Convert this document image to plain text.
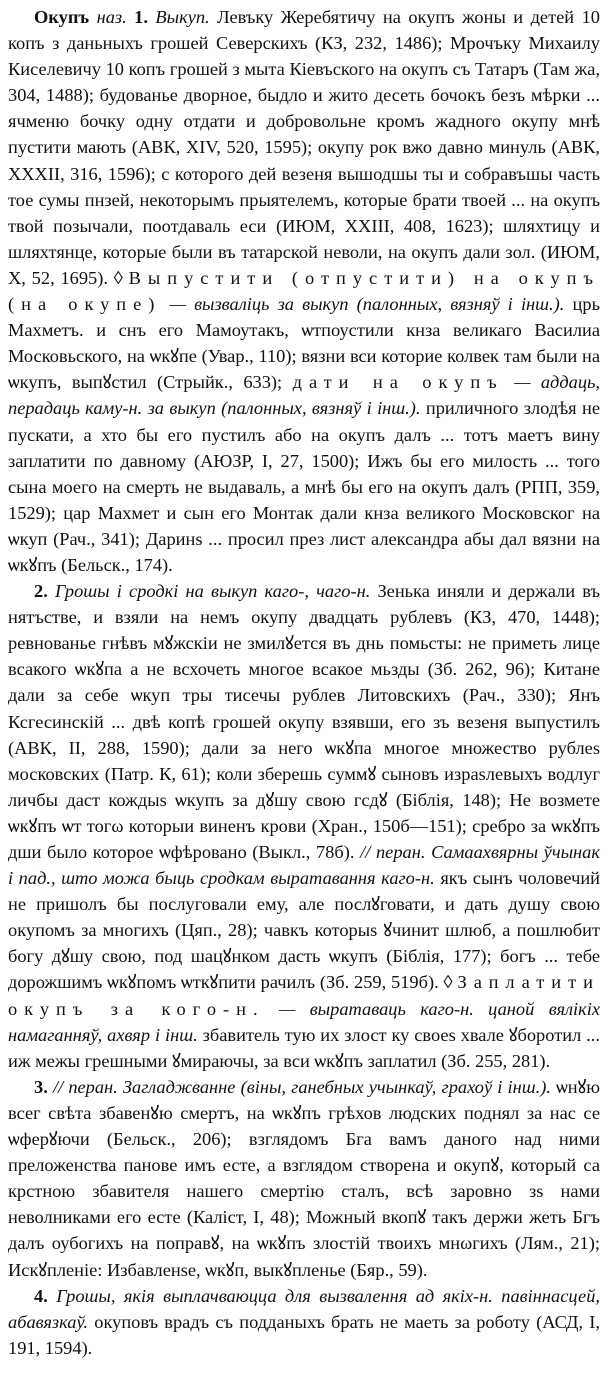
Окупъ наз. 1. Выкуп. Левъку Жеребятичу на окупъ жоны и детей 10 копъ з даньныхъ грошей Северскихъ (КЗ, 232, 1486); Мрочъку Михаилу Киселевичу 10 копъ грошей з мыта Кіевъского на окупъ съ Татаръ (Там жа, 304, 1488); будованье дворное, быдло и жито десеть бочокъ безъ мѣрки ... ячменю бочку одну отдати и добровольне кромъ жадного окупу мнѣ пустити мають (АВК, XIV, 520, 1595); окупу рок вжо давно минуль (АВК, XXXII, 316, 1596); с которого дей везеня вышодшы ты и собравъшы часть тое сумы пнзей, некоторымъ прыятелемъ, которые брати твоей ... на окупъ твой позычали, поотдаваль еси (ИЮМ, XXIII, 408, 1623); шляхтицу и шляхтянце, которые были въ татарской неволи, на окупъ дали зол. (ИЮМ, X, 52, 1695). ◊ Выпустити (отпустити) на окупъ (на окупе) — вызваліць за выкуп (палонных, вязняў і інш.). црь Махметъ. и снъ его Мамоутакъ, ѡтпоустили кнза великаго Василиа Московьского, на ѡкꙋпе (Увар., 110); вязни вси которие колвек там были на ѡкупъ, выпꙋстил (Стрыйк., 633); дати на окупъ — аддаць, перадаць каму-н. за выкуп (палонных, вязняў і інш.). приличного злодѣя не пускати, а хто бы его пустилъ або на окупъ далъ ... тотъ маетъ вину заплатити по давному (АЮЗР, I, 27, 1500); Ижъ бы его милость ... того сына моего на смерть не выдаваль, а мнѣ бы его на окупъ далъ (РПП, 359, 1529); цар Махмет и сын его Монтак дали кнза великого Московског на ѡкуп (Рач., 341); Даринѕ ... просил през лист александра абы дал вязни на ѡкꙋпъ (Бельск., 174).

2. Грошы і сродкі на выкуп каго-, чаго-н. Зенька иняли и держали въ нятъстве, и взяли на немъ окупу двадцать рублевъ (КЗ, 470, 1448); ревнованье гнѣвъ мꙋжскіи не змилꙋется въ днь помьсты: не приметь лице всакого ѡкꙋпа а не всхочеть многое всакое мьзды (Зб. 262, 96); Китане дали за себе ѡкуп тры тисечы рублев Литовскихъ (Рач., 330); Янъ Ксгесинскій ... двѣ копѣ грошей окупу взявши, его зъ везеня выпустилъ (АВК, II, 288, 1590); дали за него ѡкꙋпа многое множество рублеѕ московских (Патр. К, 61); коли зберешь суммꙋ сыновъ израѕлевыхъ водлуг личбы даст кождыѕ ѡкупъ за дꙋшу свою гсдꙋ (Біблія, 148); Не возмете ѡкꙋпъ ѡт тогω которыи виненъ крови (Хран., 150б—151); сребро за ѡкꙋпъ дши было которое ѡфѣровано (Выкл., 78б). // перан. Самаахвярны ўчынак і пад., што можа быць сродкам выратавання каго-н. якъ сынъ чоловечий не пришолъ бы послуговали ему, але послꙋговати, и дать душу свою окупомъ за многихъ (Цяп., 28); чавкъ которыѕ ꙋчинит шлюб, а пошлюбит богу дꙋшу свою, под шацꙋнком дасть ѡкупъ (Біблія, 177); богъ ... тебе дорожшимъ ѡкꙋпомъ ѡткꙋпити рачилъ (Зб. 259, 519б). ◊ Заплатити окупъ за кого-н. — выратаваць каго-н. цаной вялікіх намаганняў, ахвяр і інш. збавитель тую их злост ку своеѕ хвале ꙋборотил ... иж межы грешными ꙋмираючы, за вси ѡкꙋпъ заплатил (Зб. 255, 281).

3. // перан. Загладжванне (віны, ганебных учынкаў, грахоў і інш.). ѡнꙋю всег свѣта збавенꙋю смертъ, на ѡкꙋпъ грѣхов людских поднял за нас се ѡферꙋючи (Бельск., 206); взглядомъ Бга вамъ даного над ними преложенства панове имъ есте, а взглядом створена и окупꙋ, который са крстною збавителя нашего смертію сталъ, всѣ заровно зѕ нами неволниками его есте (Каліст, I, 48); Можный вкопꙋ такъ держи жеть Бгъ далъ оубогихъ на поправꙋ, на ѡкꙋпъ злостій твоихъ мнωгихъ (Лям., 21); Искꙋпленіе: Избавленѕе, ѡкꙋп, выкꙋпленье (Бяр., 59).

4. Грошы, якія выплачваюцца для вызвалення ад якіх-н. павіннасцей, абавязкаў. окуповъ врадъ съ подданыхъ брать не маеть за роботу (АСД, I, 191, 1594).
